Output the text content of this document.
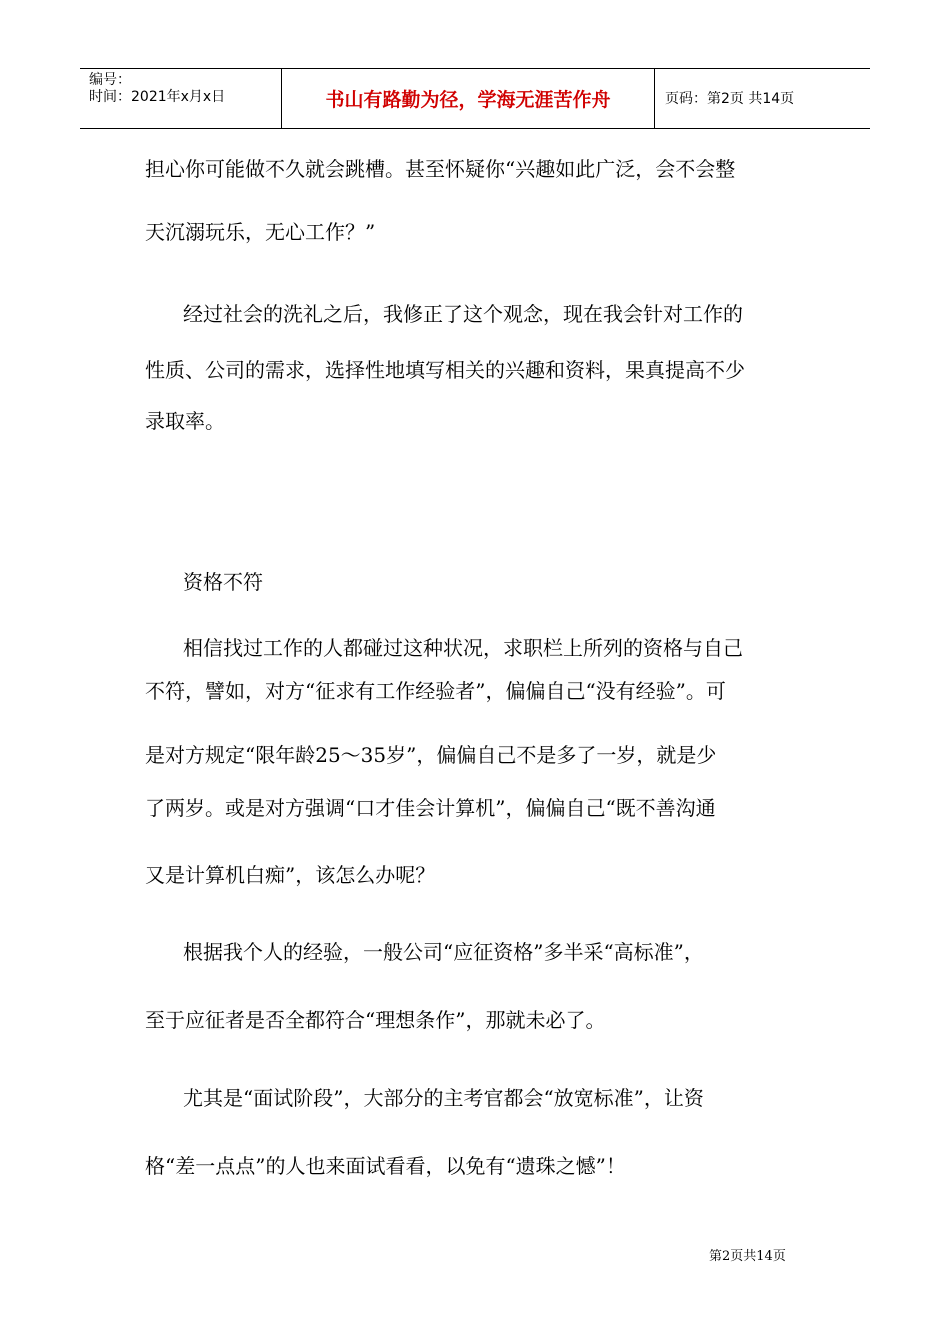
编号：
时间：2021年x月x日	书山有路勤为径，学海无涯苦作舟	页码：第2页 共14页
担心你可能做不久就会跳槽。甚至怀疑你“兴趣如此广泛，会不会整
天沉溺玩乐，无心工作？”
经过社会的洗礼之后，我修正了这个观念，现在我会针对工作的
性质、公司的需求，选择性地填写相关的兴趣和资料，果真提高不少
录取率。
资格不符
相信找过工作的人都碰过这种状况，求职栏上所列的资格与自己
不符，譬如，对方“征求有工作经验者”，偏偏自己“没有经验”。可
是对方规定“限年龄25～35岁”，偏偏自己不是多了一岁，就是少
了两岁。或是对方强调“口才佳会计算机”，偏偏自己“既不善沟通
又是计算机白痴”，该怎么办呢？
根据我个人的经验，一般公司“应征资格”多半采“高标准”，
至于应征者是否全都符合“理想条作”，那就未必了。
尤其是“面试阶段”，大部分的主考官都会“放宽标准”，让资
格“差一点点”的人也来面试看看，以免有“遗珠之憾”！
第2页共14页
